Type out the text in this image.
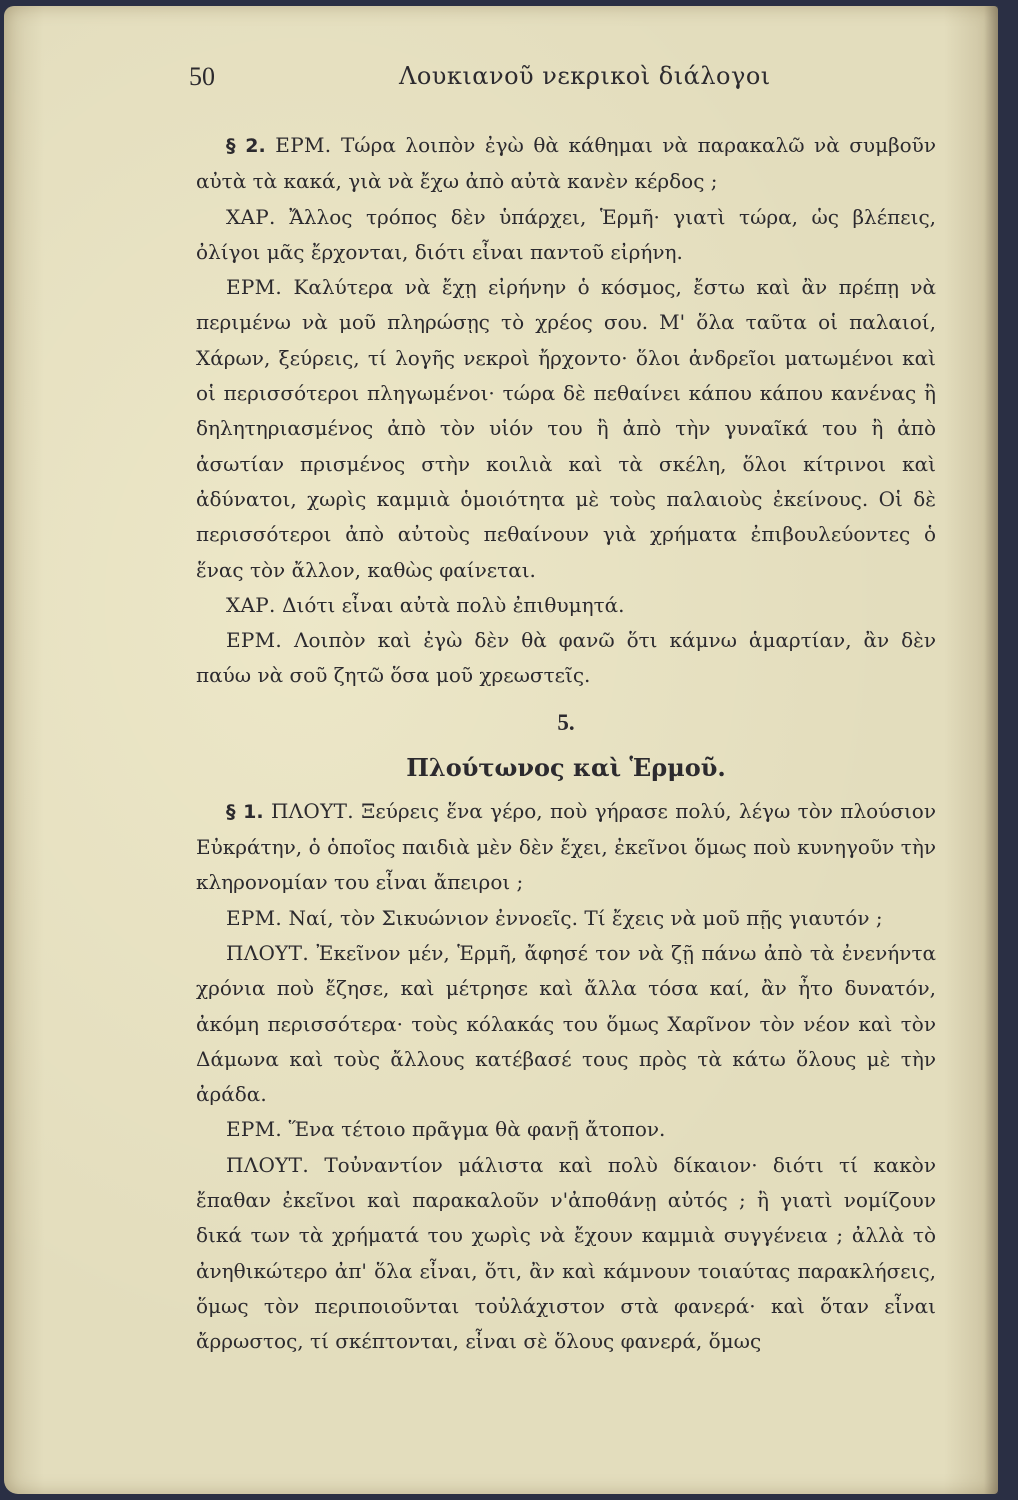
50	Λουκιανοῦ νεκρικοὶ διάλογοι

§ 2. ΕΡΜ. Τώρα λοιπὸν ἐγὼ θὰ κάθημαι νὰ παρακαλῶ νὰ συμβοῦν αὐτὰ τὰ κακά, γιὰ νὰ ἔχω ἀπὸ αὐτὰ κανὲν κέρδος ;

ΧΑΡ. Ἄλλος τρόπος δὲν ὑπάρχει, Ἑρμῆ· γιατὶ τώρα, ὡς βλέπεις, ὀλίγοι μᾶς ἔρχονται, διότι εἶναι παντοῦ εἰρήνη.

ΕΡΜ. Καλύτερα νὰ ἔχῃ εἰρήνην ὁ κόσμος, ἔστω καὶ ἂν πρέπῃ νὰ περιμένω νὰ μοῦ πληρώσῃς τὸ χρέος σου. Μ' ὅλα ταῦτα οἱ παλαιοί, Χάρων, ξεύρεις, τί λογῆς νεκροὶ ἤρχοντο· ὅλοι ἀνδρεῖοι ματωμένοι καὶ οἱ περισσότεροι πληγωμένοι· τώρα δὲ πεθαίνει κάπου κάπου κανένας ἢ δηλητηριασμένος ἀπὸ τὸν υἱόν του ἢ ἀπὸ τὴν γυναῖκά του ἢ ἀπὸ ἀσωτίαν πρισμένος στὴν κοιλιὰ καὶ τὰ σκέλη, ὅλοι κίτρινοι καὶ ἀδύνατοι, χωρὶς καμμιὰ ὁμοιότητα μὲ τοὺς παλαιοὺς ἐκείνους. Οἱ δὲ περισσότεροι ἀπὸ αὐτοὺς πεθαίνουν γιὰ χρήματα ἐπιβουλεύοντες ὁ ἕνας τὸν ἄλλον, καθὼς φαίνεται.

ΧΑΡ. Διότι εἶναι αὐτὰ πολὺ ἐπιθυμητά.

ΕΡΜ. Λοιπὸν καὶ ἐγὼ δὲν θὰ φανῶ ὅτι κάμνω ἁμαρτίαν, ἂν δὲν παύω νὰ σοῦ ζητῶ ὅσα μοῦ χρεωστεῖς.

5.
Πλούτωνος καὶ Ἑρμοῦ.

§ 1. ΠΛΟΥΤ. Ξεύρεις ἕνα γέρο, ποὺ γήρασε πολύ, λέγω τὸν πλούσιον Εὐκράτην, ὁ ὁποῖος παιδιὰ μὲν δὲν ἔχει, ἐκεῖνοι ὅμως ποὺ κυνηγοῦν τὴν κληρονομίαν του εἶναι ἄπειροι ;

ΕΡΜ. Ναί, τὸν Σικυώνιον ἐννοεῖς. Τί ἔχεις νὰ μοῦ πῇς γιαυτόν ;

ΠΛΟΥΤ. Ἐκεῖνον μέν, Ἑρμῆ, ἄφησέ τον νὰ ζῇ πάνω ἀπὸ τὰ ἐνενήντα χρόνια ποὺ ἔζησε, καὶ μέτρησε καὶ ἄλλα τόσα καί, ἂν ἦτο δυνατόν, ἀκόμη περισσότερα· τοὺς κόλακάς του ὅμως Χαρῖνον τὸν νέον καὶ τὸν Δάμωνα καὶ τοὺς ἄλλους κατέβασέ τους πρὸς τὰ κάτω ὅλους μὲ τὴν ἀράδα.

ΕΡΜ. Ἕνα τέτοιο πρᾶγμα θὰ φανῇ ἄτοπον.

ΠΛΟΥΤ. Τοὐναντίον μάλιστα καὶ πολὺ δίκαιον· διότι τί κακὸν ἔπαθαν ἐκεῖνοι καὶ παρακαλοῦν ν'ἀποθάνῃ αὐτός ; ἢ γιατὶ νομίζουν δικά των τὰ χρήματά του χωρὶς νὰ ἔχουν καμμιὰ συγγένεια ; ἀλλὰ τὸ ἀνηθικώτερο ἀπ' ὅλα εἶναι, ὅτι, ἂν καὶ κάμνουν τοιαύτας παρακλήσεις, ὅμως τὸν περιποιοῦνται τοὐλάχιστον στὰ φανερά· καὶ ὅταν εἶναι ἄρρωστος, τί σκέπτονται, εἶναι σὲ ὅλους φανερά, ὅμως
